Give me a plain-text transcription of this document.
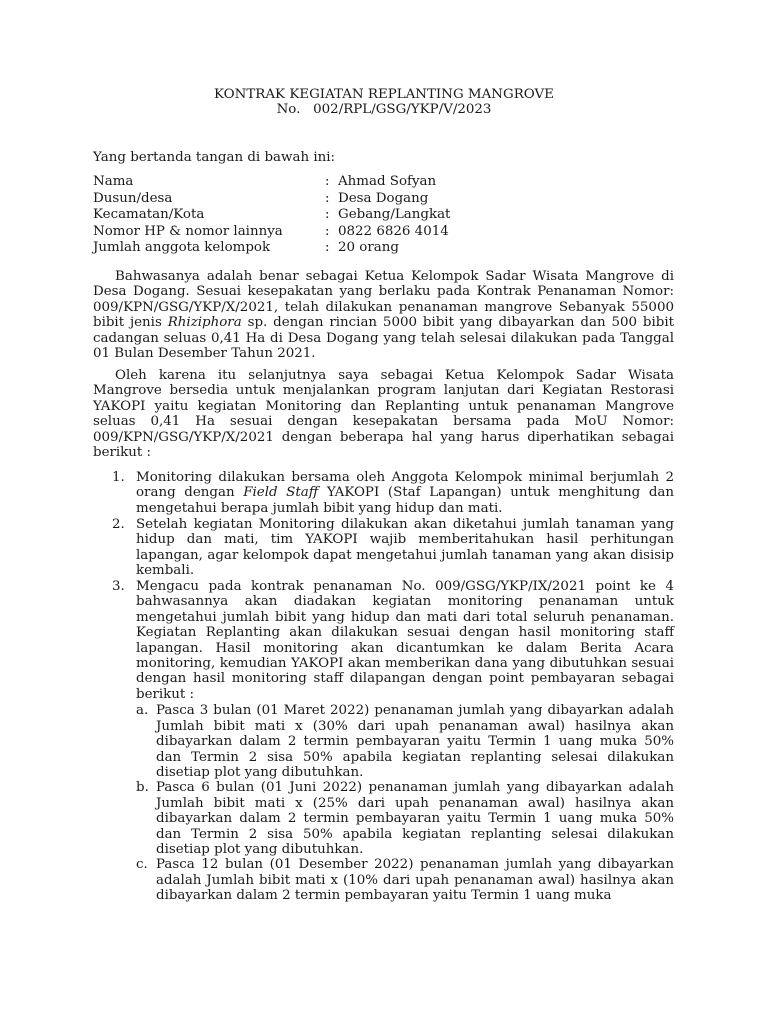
KONTRAK KEGIATAN REPLANTING MANGROVE
No.   002/RPL/GSG/YKP/V/2023
Yang bertanda tangan di bawah ini:
Nama	: Ahmad Sofyan
Dusun/desa	: Desa Dogang
Kecamatan/Kota	: Gebang/Langkat
Nomor HP & nomor lainnya	: 0822 6826 4014
Jumlah anggota kelompok	: 20 orang
Bahwasanya adalah benar sebagai Ketua Kelompok Sadar Wisata Mangrove di Desa Dogang. Sesuai kesepakatan yang berlaku pada Kontrak Penanaman Nomor: 009/KPN/GSG/YKP/X/2021, telah dilakukan penanaman mangrove Sebanyak 55000 bibit jenis Rhiziphora sp. dengan rincian 5000 bibit yang dibayarkan dan 500 bibit cadangan seluas 0,41 Ha di Desa Dogang yang telah selesai dilakukan pada Tanggal 01 Bulan Desember Tahun 2021.
Oleh karena itu selanjutnya saya sebagai Ketua Kelompok Sadar Wisata Mangrove bersedia untuk menjalankan program lanjutan dari Kegiatan Restorasi YAKOPI yaitu kegiatan Monitoring dan Replanting untuk penanaman Mangrove seluas 0,41 Ha sesuai dengan kesepakatan bersama pada MoU Nomor: 009/KPN/GSG/YKP/X/2021 dengan beberapa hal yang harus diperhatikan sebagai berikut :
1. Monitoring dilakukan bersama oleh Anggota Kelompok minimal berjumlah 2 orang dengan Field Staff YAKOPI (Staf Lapangan) untuk menghitung dan mengetahui berapa jumlah bibit yang hidup dan mati.
2. Setelah kegiatan Monitoring dilakukan akan diketahui jumlah tanaman yang hidup dan mati, tim YAKOPI wajib memberitahukan hasil perhitungan lapangan, agar kelompok dapat mengetahui jumlah tanaman yang akan disisip kembali.
3. Mengacu pada kontrak penanaman No. 009/GSG/YKP/IX/2021 point ke 4 bahwasannya akan diadakan kegiatan monitoring penanaman untuk mengetahui jumlah bibit yang hidup dan mati dari total seluruh penanaman. Kegiatan Replanting akan dilakukan sesuai dengan hasil monitoring staff lapangan. Hasil monitoring akan dicantumkan ke dalam Berita Acara monitoring, kemudian YAKOPI akan memberikan dana yang dibutuhkan sesuai dengan hasil monitoring staff dilapangan dengan point pembayaran sebagai berikut :
a. Pasca 3 bulan (01 Maret 2022) penanaman jumlah yang dibayarkan adalah Jumlah bibit mati x (30% dari upah penanaman awal) hasilnya akan dibayarkan dalam 2 termin pembayaran yaitu Termin 1 uang muka 50% dan Termin 2 sisa 50% apabila kegiatan replanting selesai dilakukan disetiap plot yang dibutuhkan.
b. Pasca 6 bulan (01 Juni 2022) penanaman jumlah yang dibayarkan adalah Jumlah bibit mati x (25% dari upah penanaman awal) hasilnya akan dibayarkan dalam 2 termin pembayaran yaitu Termin 1 uang muka 50% dan Termin 2 sisa 50% apabila kegiatan replanting selesai dilakukan disetiap plot yang dibutuhkan.
c. Pasca 12 bulan (01 Desember 2022) penanaman jumlah yang dibayarkan adalah Jumlah bibit mati x (10% dari upah penanaman awal) hasilnya akan dibayarkan dalam 2 termin pembayaran yaitu Termin 1 uang muka
